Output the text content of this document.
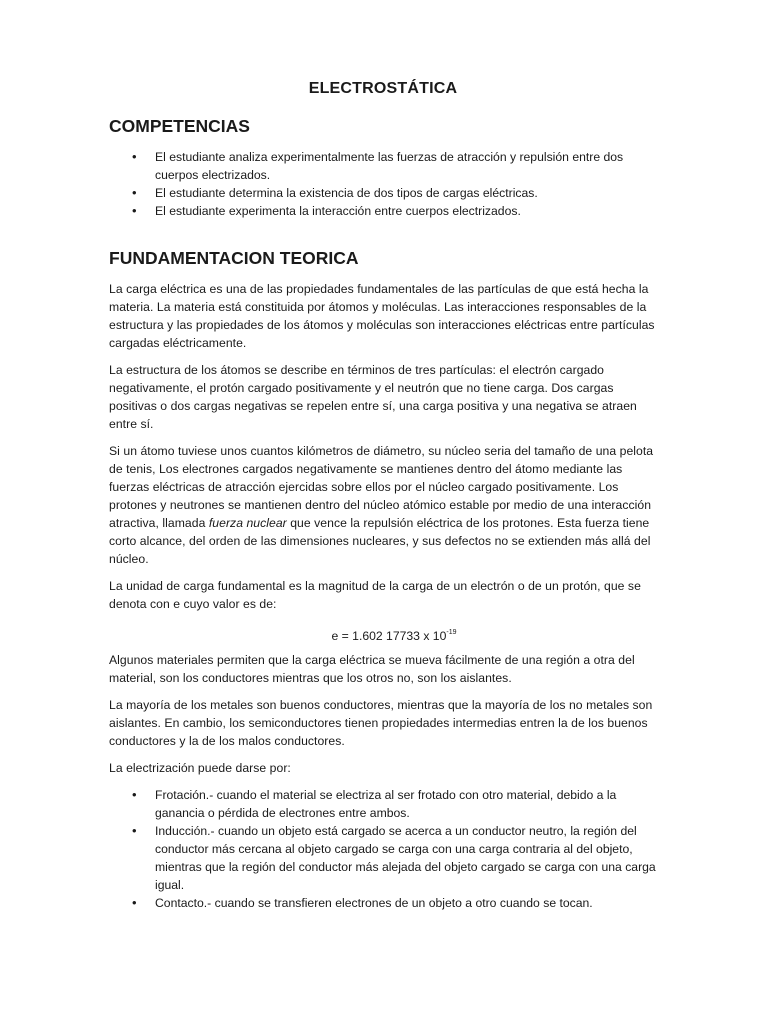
ELECTROSTÁTICA
COMPETENCIAS
• El estudiante analiza experimentalmente las fuerzas de atracción y repulsión entre dos cuerpos electrizados.
• El estudiante determina la existencia de dos tipos de cargas eléctricas.
• El estudiante experimenta la interacción entre cuerpos electrizados.
FUNDAMENTACION TEORICA

La carga eléctrica es una de las propiedades fundamentales de las partículas de que está hecha la materia. La materia está constituida por átomos y moléculas. Las interacciones responsables de la estructura y las propiedades de los átomos y moléculas son interacciones eléctricas entre partículas cargadas eléctricamente.

La estructura de los átomos se describe en términos de tres partículas: el electrón cargado negativamente, el protón cargado positivamente y el neutrón que no tiene carga. Dos cargas positivas o dos cargas negativas se repelen entre sí, una carga positiva y una negativa se atraen entre sí.

Si un átomo tuviese unos cuantos kilómetros de diámetro, su núcleo seria del tamaño de una pelota de tenis, Los electrones cargados negativamente se mantienes dentro del átomo mediante las fuerzas eléctricas de atracción ejercidas sobre ellos por el núcleo cargado positivamente. Los protones y neutrones se mantienen dentro del núcleo atómico estable por medio de una interacción atractiva, llamada fuerza nuclear que vence la repulsión eléctrica de los protones. Esta fuerza tiene corto alcance, del orden de las dimensiones nucleares, y sus defectos no se extienden más allá del núcleo.

La unidad de carga fundamental es la magnitud de la carga de un electrón o de un protón, que se denota con e cuyo valor es de:

e = 1.602 17733 x $10^{-19}$

Algunos materiales permiten que la carga eléctrica se mueva fácilmente de una región a otra del material, son los conductores mientras que los otros no, son los aislantes.

La mayoría de los metales son buenos conductores, mientras que la mayoría de los no metales son aislantes. En cambio, los semiconductores tienen propiedades intermedias entren la de los buenos conductores y la de los malos conductores.

La electrización puede darse por:

• Frotación.- cuando el material se electriza al ser frotado con otro material, debido a la ganancia o pérdida de electrones entre ambos.
• Inducción.- cuando un objeto está cargado se acerca a un conductor neutro, la región del conductor más cercana al objeto cargado se carga con una carga contraria al del objeto, mientras que la región del conductor más alejada del objeto cargado se carga con una carga igual.
• Contacto.- cuando se transfieren electrones de un objeto a otro cuando se tocan.
